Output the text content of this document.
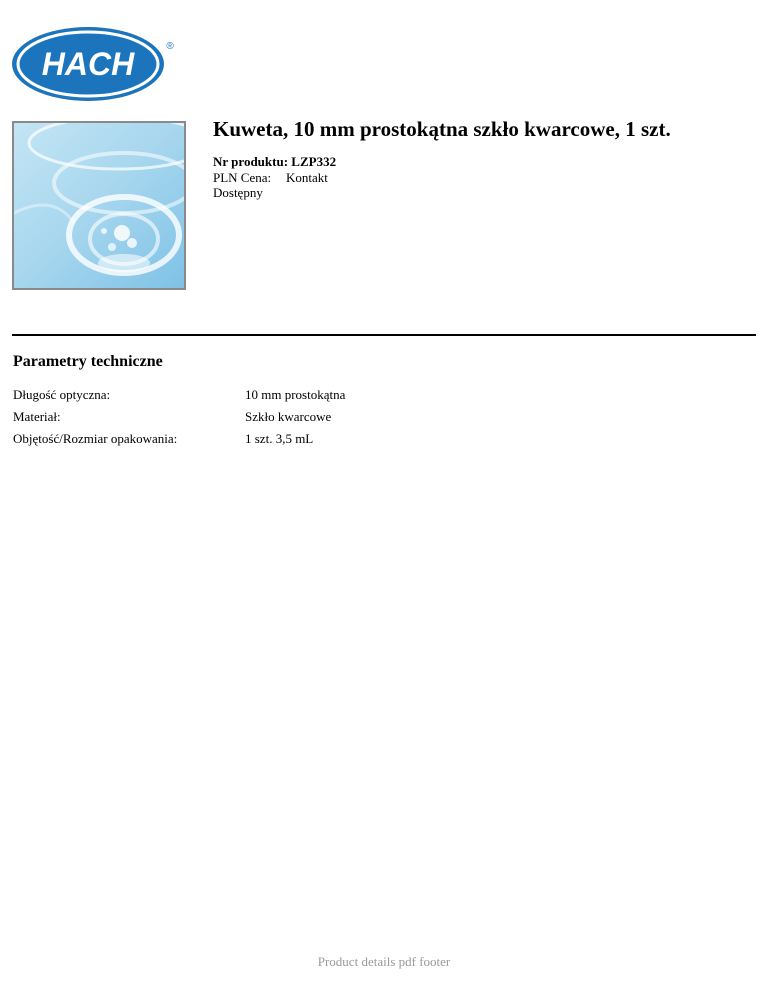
HACH	®
Kuweta, 10 mm prostokątna szkło kwarcowe, 1 szt.
Nr produktu: LZP332
PLN Cena: Kontakt
Dostępny
Parametry techniczne
Długość optyczna:	10 mm prostokątna
Materiał:	Szkło kwarcowe
Objętość/Rozmiar opakowania:	1 szt. 3,5 mL
Product details pdf footer
